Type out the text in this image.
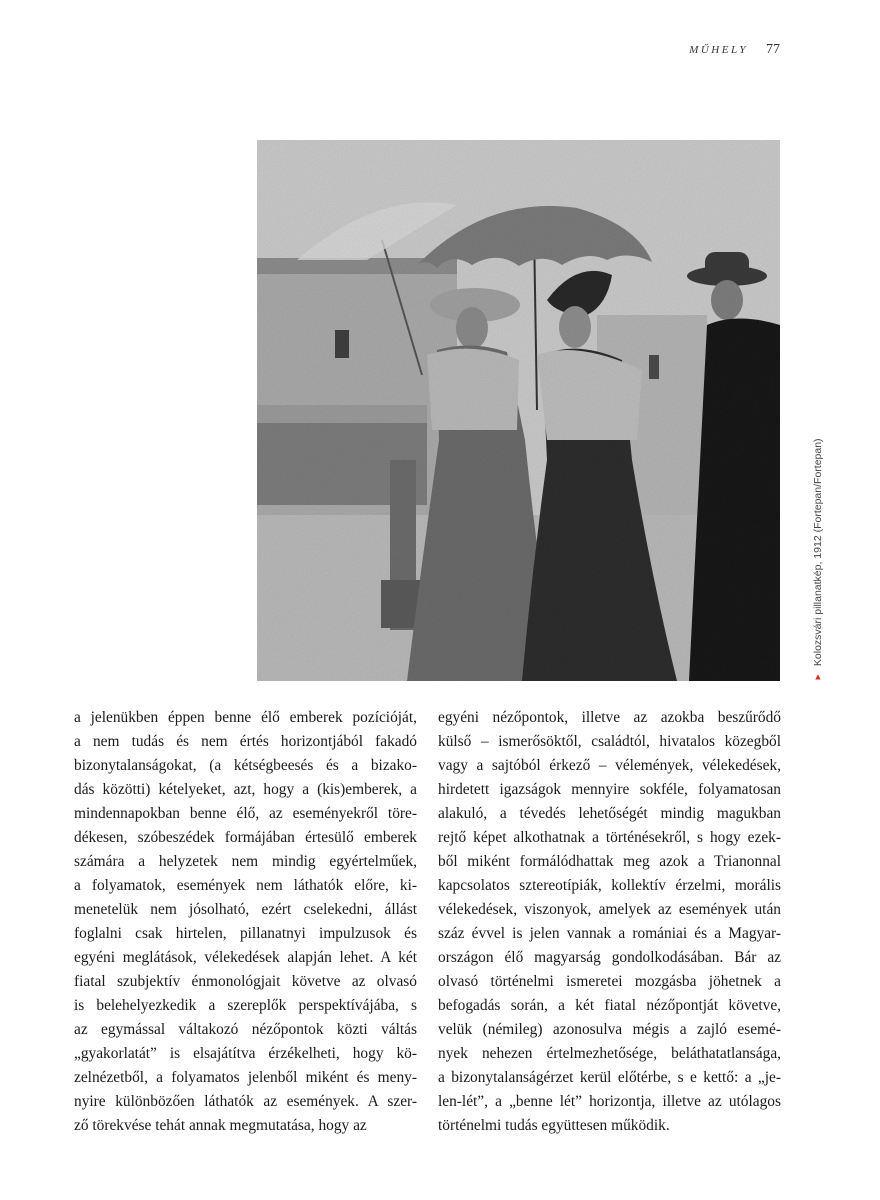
MŰHELY 77
▲
Kolozsvári pillanatkép, 1912 (Fortepan/Fortepan)
a jelenükben éppen benne élő emberek pozícióját,
a nem tudás és nem értés horizontjából fakadó
bizonytalanságokat, (a kétségbeesés és a bizako-
dás közötti) kételyeket, azt, hogy a (kis)emberek, a
mindennapokban benne élő, az eseményekről töre-
dékesen, szóbeszédek formájában értesülő emberek
számára a helyzetek nem mindig egyértelműek,
a folyamatok, események nem láthatók előre, ki-
menetelük nem jósolható, ezért cselekedni, állást
foglalni csak hirtelen, pillanatnyi impulzusok és
egyéni meglátások, vélekedések alapján lehet. A két
fiatal szubjektív énmonológjait követve az olvasó
is belehelyezkedik a szereplők perspektívájába, s
az egymással váltakozó nézőpontok közti váltás
„gyakorlatát” is elsajátítva érzékelheti, hogy kö-
zelnézetből, a folyamatos jelenből miként és meny-
nyire különbözően láthatók az események. A szer-
ző törekvése tehát annak megmutatása, hogy az
egyéni nézőpontok, illetve az azokba beszűrődő
külső – ismerősöktől, családtól, hivatalos közegből
vagy a sajtóból érkező – vélemények, vélekedések,
hirdetett igazságok mennyire sokféle, folyamatosan
alakuló, a tévedés lehetőségét mindig magukban
rejtő képet alkothatnak a történésekről, s hogy ezek-
ből miként formálódhattak meg azok a Trianonnal
kapcsolatos sztereotípiák, kollektív érzelmi, morális
vélekedések, viszonyok, amelyek az események után
száz évvel is jelen vannak a romániai és a Magyar-
országon élő magyarság gondolkodásában. Bár az
olvasó történelmi ismeretei mozgásba jöhetnek a
befogadás során, a két fiatal nézőpontját követve,
velük (némileg) azonosulva mégis a zajló esemé-
nyek nehezen értelmezhetősége, beláthatatlansága,
a bizonytalanságérzet kerül előtérbe, s e kettő: a „je-
len-lét”, a „benne lét” horizontja, illetve az utólagos
történelmi tudás együttesen működik.
